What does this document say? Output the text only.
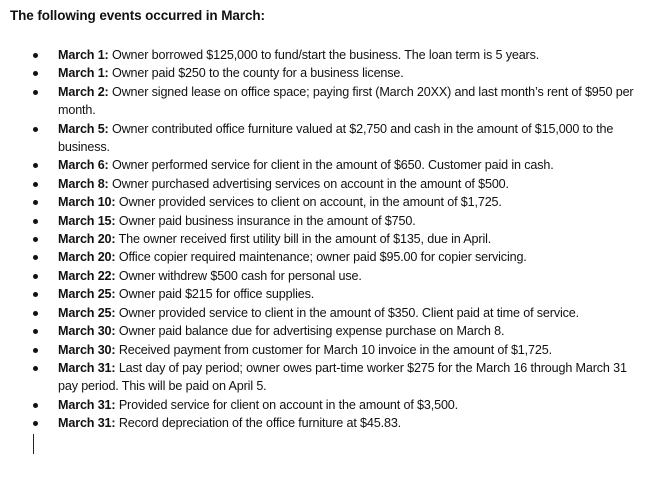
The following events occurred in March:
March 1: Owner borrowed $125,000 to fund/start the business. The loan term is 5 years.
March 1: Owner paid $250 to the county for a business license.
March 2: Owner signed lease on office space; paying first (March 20XX) and last month’s rent of $950 per month.
March 5: Owner contributed office furniture valued at $2,750 and cash in the amount of $15,000 to the business.
March 6: Owner performed service for client in the amount of $650. Customer paid in cash.
March 8: Owner purchased advertising services on account in the amount of $500.
March 10: Owner provided services to client on account, in the amount of $1,725.
March 15: Owner paid business insurance in the amount of $750.
March 20: The owner received first utility bill in the amount of $135, due in April.
March 20: Office copier required maintenance; owner paid $95.00 for copier servicing.
March 22: Owner withdrew $500 cash for personal use.
March 25: Owner paid $215 for office supplies.
March 25: Owner provided service to client in the amount of $350. Client paid at time of service.
March 30: Owner paid balance due for advertising expense purchase on March 8.
March 30: Received payment from customer for March 10 invoice in the amount of $1,725.
March 31: Last day of pay period; owner owes part-time worker $275 for the March 16 through March 31 pay period. This will be paid on April 5.
March 31: Provided service for client on account in the amount of $3,500.
March 31: Record depreciation of the office furniture at $45.83.
